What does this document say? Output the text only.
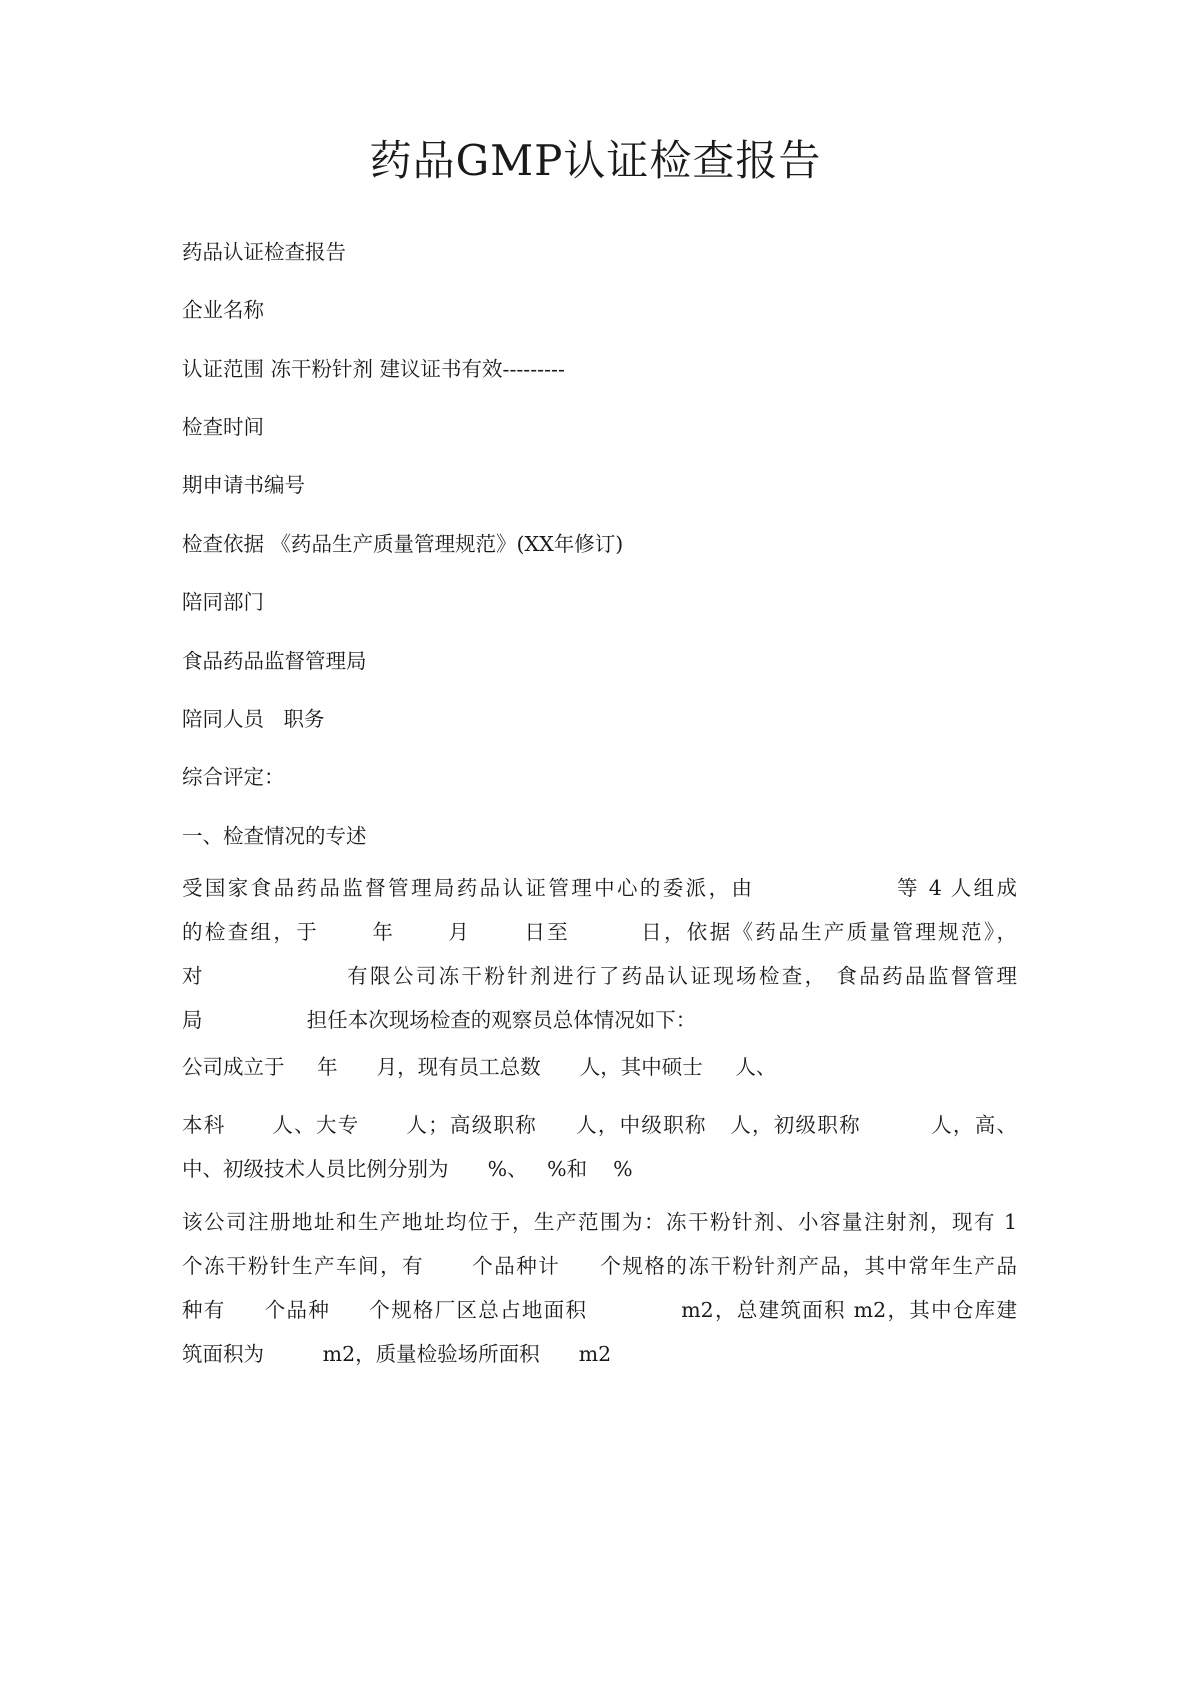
药品GMP认证检查报告
药品认证检查报告
企业名称
认证范围 冻干粉针剂 建议证书有效---------
检查时间
期申请书编号
检查依据 《药品生产质量管理规范》(XX年修订)
陪同部门
食品药品监督管理局
陪同人员   职务
综合评定：
一、检查情况的专述
受国家食品药品监督管理局药品认证管理中心的委派，由                等 4 人组成
的检查组，于      年      月      日至        日，依据《药品生产质量管理规范》，
对                有限公司冻干粉针剂进行了药品认证现场检查， 食品药品监督管理
局                担任本次现场检查的观察员总体情况如下：
公司成立于     年      月，现有员工总数      人，其中硕士     人、
本科      人、大专      人；高级职称     人，中级职称   人，初级职称         人，高、
中、初级技术人员比例分别为      %、   %和    %
该公司注册地址和生产地址均位于，生产范围为：冻干粉针剂、小容量注射剂，现有 1
个冻干粉针生产车间，有      个品种计     个规格的冻干粉针剂产品，其中常年生产品
种有     个品种     个规格厂区总占地面积            m2，总建筑面积 m2，其中仓库建
筑面积为         m2，质量检验场所面积      m2
